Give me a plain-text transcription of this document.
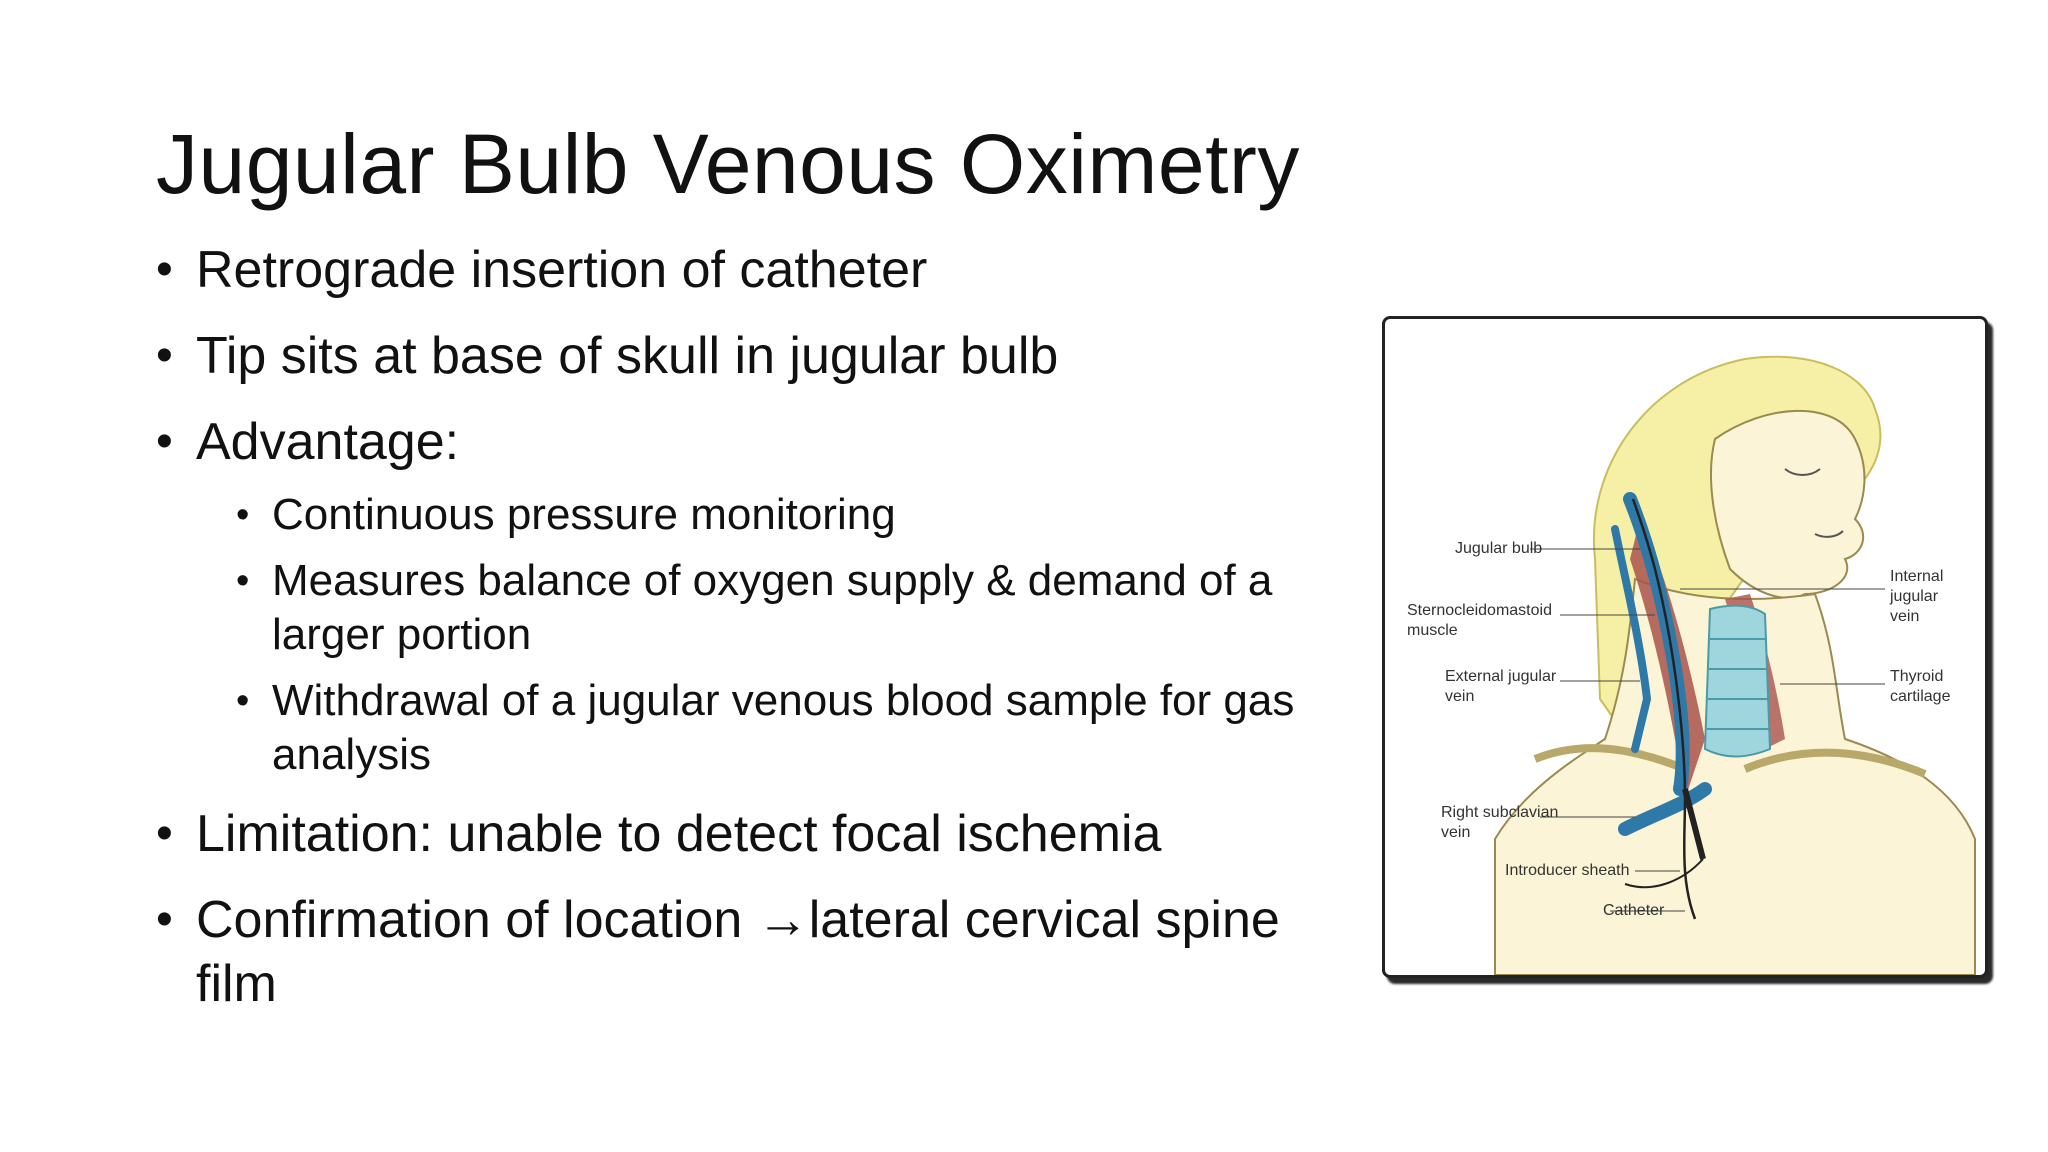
Jugular Bulb Venous Oximetry
• Retrograde insertion of catheter
• Tip sits at base of skull in jugular bulb
• Advantage:
• Continuous pressure monitoring
• Measures balance of oxygen supply & demand of a larger portion
• Withdrawal of a jugular venous blood sample for gas analysis
• Limitation: unable to detect focal ischemia
• Confirmation of location →lateral cervical spine film
Jugular bulb
Sternocleidomastoid
muscle
External jugular
vein
Right subclavian
vein
Introducer sheath
Catheter
Internal
jugular
vein
Thyroid
cartilage
